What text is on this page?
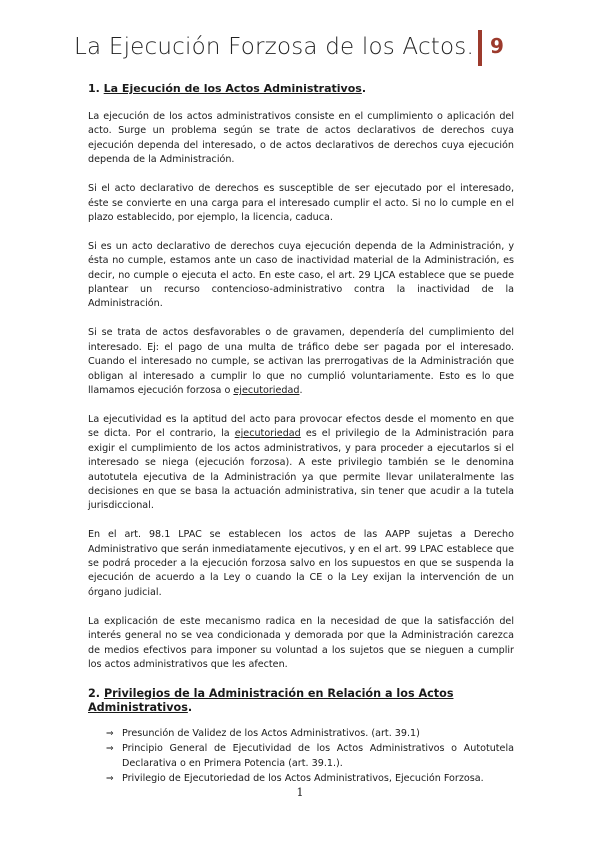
La Ejecución Forzosa de los Actos. 9
1. La Ejecución de los Actos Administrativos.

La ejecución de los actos administrativos consiste en el cumplimiento o aplicación del acto. Surge un problema según se trate de actos declarativos de derechos cuya ejecución dependa del interesado, o de actos declarativos de derechos cuya ejecución dependa de la Administración.

Si el acto declarativo de derechos es susceptible de ser ejecutado por el interesado, éste se convierte en una carga para el interesado cumplir el acto. Si no lo cumple en el plazo establecido, por ejemplo, la licencia, caduca.

Si es un acto declarativo de derechos cuya ejecución dependa de la Administración, y ésta no cumple, estamos ante un caso de inactividad material de la Administración, es decir, no cumple o ejecuta el acto. En este caso, el art. 29 LJCA establece que se puede plantear un recurso contencioso-administrativo contra la inactividad de la Administración.

Si se trata de actos desfavorables o de gravamen, dependería del cumplimiento del interesado. Ej: el pago de una multa de tráfico debe ser pagada por el interesado. Cuando el interesado no cumple, se activan las prerrogativas de la Administración que obligan al interesado a cumplir lo que no cumplió voluntariamente. Esto es lo que llamamos ejecución forzosa o ejecutoriedad.

La ejecutividad es la aptitud del acto para provocar efectos desde el momento en que se dicta. Por el contrario, la ejecutoriedad es el privilegio de la Administración para exigir el cumplimiento de los actos administrativos, y para proceder a ejecutarlos si el interesado se niega (ejecución forzosa). A este privilegio también se le denomina autotutela ejecutiva de la Administración ya que permite llevar unilateralmente las decisiones en que se basa la actuación administrativa, sin tener que acudir a la tutela jurisdiccional.

En el art. 98.1 LPAC se establecen los actos de las AAPP sujetas a Derecho Administrativo que serán inmediatamente ejecutivos, y en el art. 99 LPAC establece que se podrá proceder a la ejecución forzosa salvo en los supuestos en que se suspenda la ejecución de acuerdo a la Ley o cuando la CE o la Ley exijan la intervención de un órgano judicial.

La explicación de este mecanismo radica en la necesidad de que la satisfacción del interés general no se vea condicionada y demorada por que la Administración carezca de medios efectivos para imponer su voluntad a los sujetos que se nieguen a cumplir los actos administrativos que les afecten.

2. Privilegios de la Administración en Relación a los Actos Administrativos.
⇒ Presunción de Validez de los Actos Administrativos. (art. 39.1)
⇒ Principio General de Ejecutividad de los Actos Administrativos o Autotutela Declarativa o en Primera Potencia (art. 39.1.).
⇒ Privilegio de Ejecutoriedad de los Actos Administrativos, Ejecución Forzosa.
1
